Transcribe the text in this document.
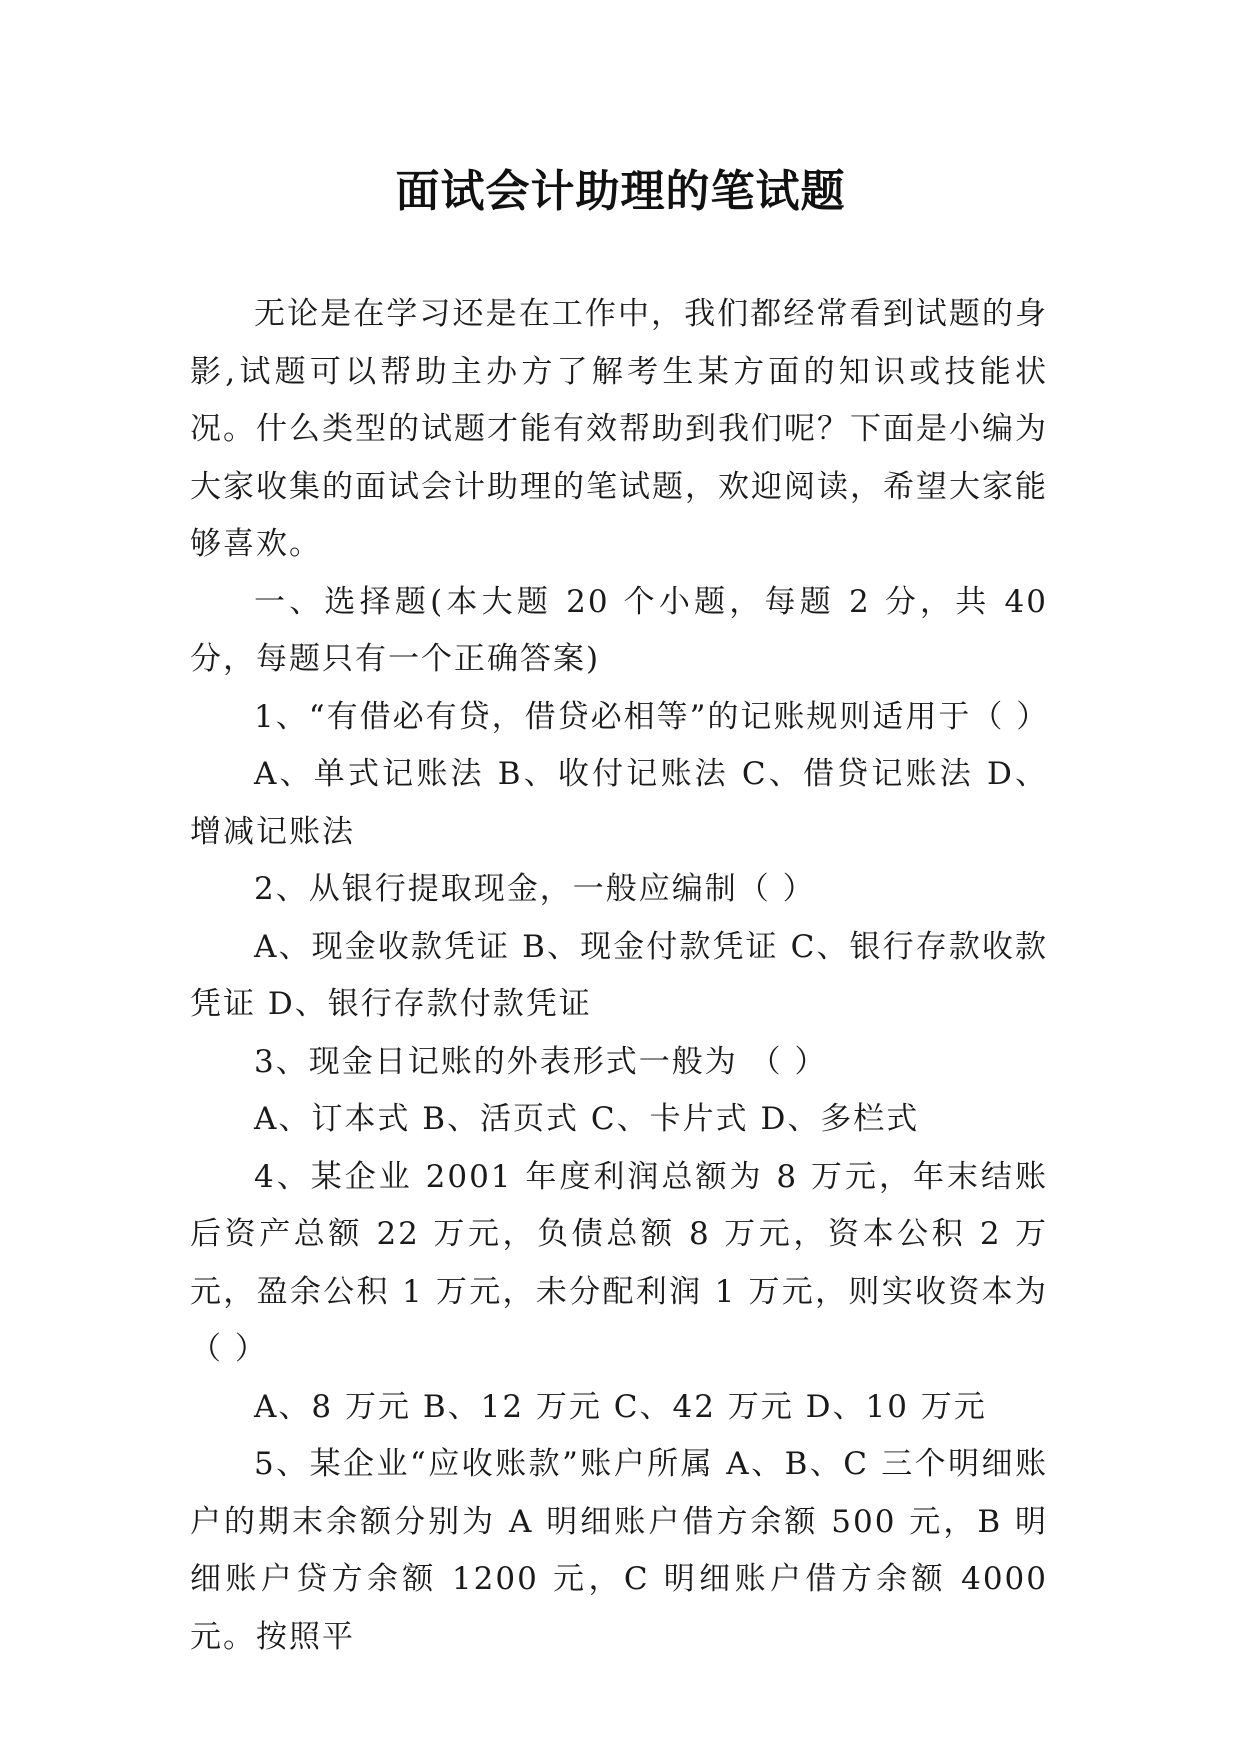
面试会计助理的笔试题

无论是在学习还是在工作中，我们都经常看到试题的身影,试题可以帮助主办方了解考生某方面的知识或技能状况。什么类型的试题才能有效帮助到我们呢？下面是小编为大家收集的面试会计助理的笔试题，欢迎阅读，希望大家能够喜欢。

一、选择题(本大题 20 个小题，每题 2 分，共 40 分，每题只有一个正确答案)

1、“有借必有贷，借贷必相等”的记账规则适用于（ ）

A、单式记账法 B、收付记账法 C、借贷记账法 D、增减记账法

2、从银行提取现金，一般应编制（ ）

A、现金收款凭证 B、现金付款凭证 C、银行存款收款凭证 D、银行存款付款凭证

3、现金日记账的外表形式一般为 （ ）

A、订本式 B、活页式 C、卡片式 D、多栏式

4、某企业 2001 年度利润总额为 8 万元，年末结账后资产总额 22 万元，负债总额 8 万元，资本公积 2 万元，盈余公积 1 万元，未分配利润 1 万元，则实收资本为（ ）

A、8 万元 B、12 万元 C、42 万元 D、10 万元

5、某企业“应收账款”账户所属 A、B、C 三个明细账户的期末余额分别为 A 明细账户借方余额 500 元，B 明细账户贷方余额 1200 元，C 明细账户借方余额 4000 元。按照平
